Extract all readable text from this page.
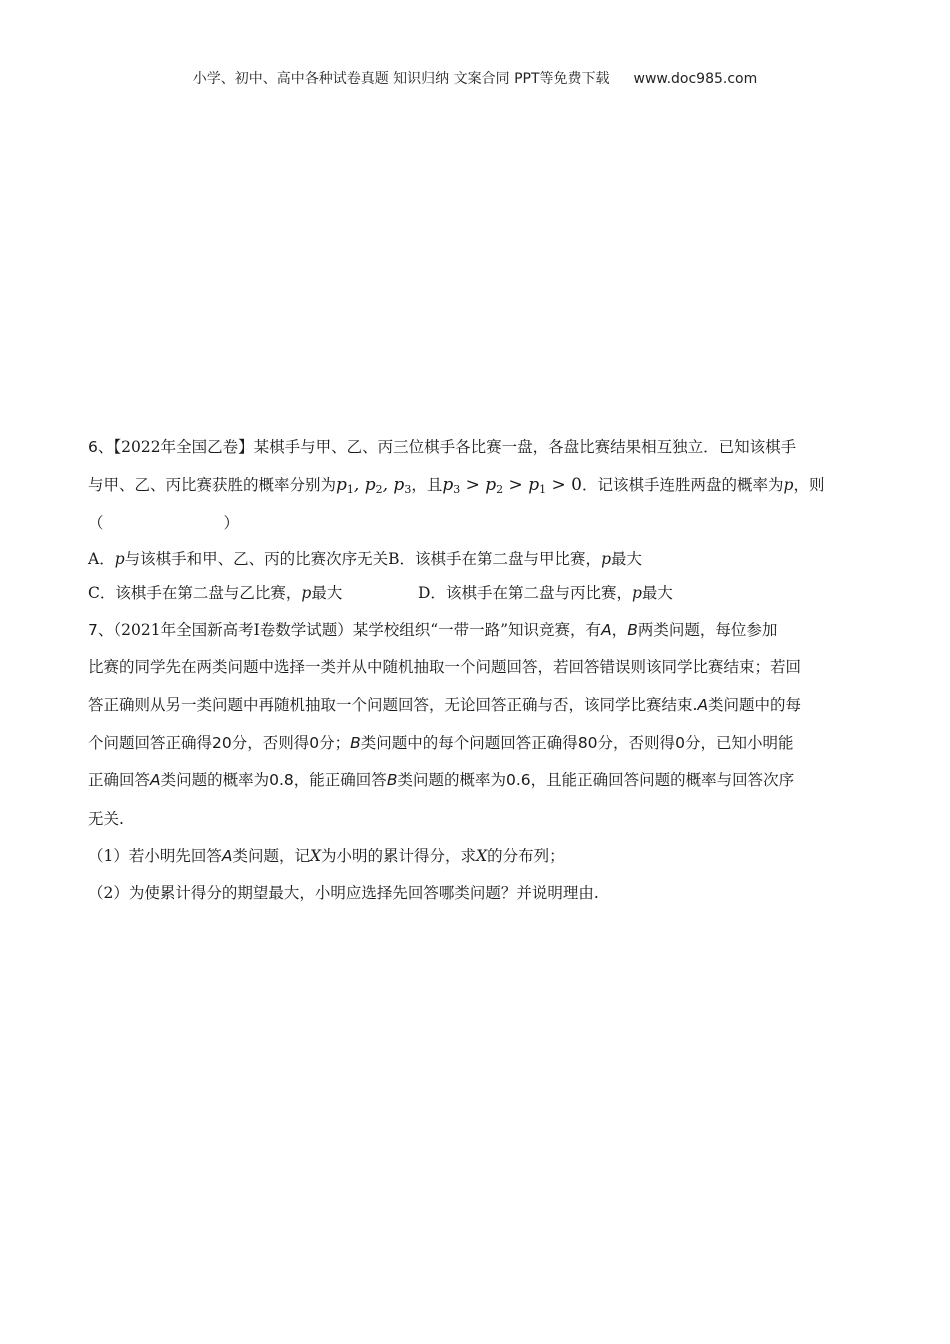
小学、初中、高中各种试卷真题 知识归纳 文案合同 PPT等免费下载 www.doc985.com
6、【2022年全国乙卷】某棋手与甲、乙、丙三位棋手各比赛一盘，各盘比赛结果相互独立．已知该棋手
与甲、乙、丙比赛获胜的概率分别为$p_1$, $p_2$, $p_3$，且$p_3 > p_2 > p_1 > 0$．记该棋手连胜两盘的概率为p，则
（	）
A．p与该棋手和甲、乙、丙的比赛次序无关B．该棋手在第二盘与甲比赛，p最大
C．该棋手在第二盘与乙比赛，p最大	D．该棋手在第二盘与丙比赛，p最大
7、（2021年全国新高考Ⅰ卷数学试题）某学校组织“一带一路”知识竞赛，有A，B两类问题，每位参加
比赛的同学先在两类问题中选择一类并从中随机抽取一个问题回答，若回答错误则该同学比赛结束；若回
答正确则从另一类问题中再随机抽取一个问题回答，无论回答正确与否，该同学比赛结束.A类问题中的每
个问题回答正确得20分，否则得0分；B类问题中的每个问题回答正确得80分，否则得0分，已知小明能
正确回答A类问题的概率为0.8，能正确回答B类问题的概率为0.6，且能正确回答问题的概率与回答次序
无关.
（1）若小明先回答A类问题，记X为小明的累计得分，求X的分布列；
（2）为使累计得分的期望最大，小明应选择先回答哪类问题？并说明理由.
